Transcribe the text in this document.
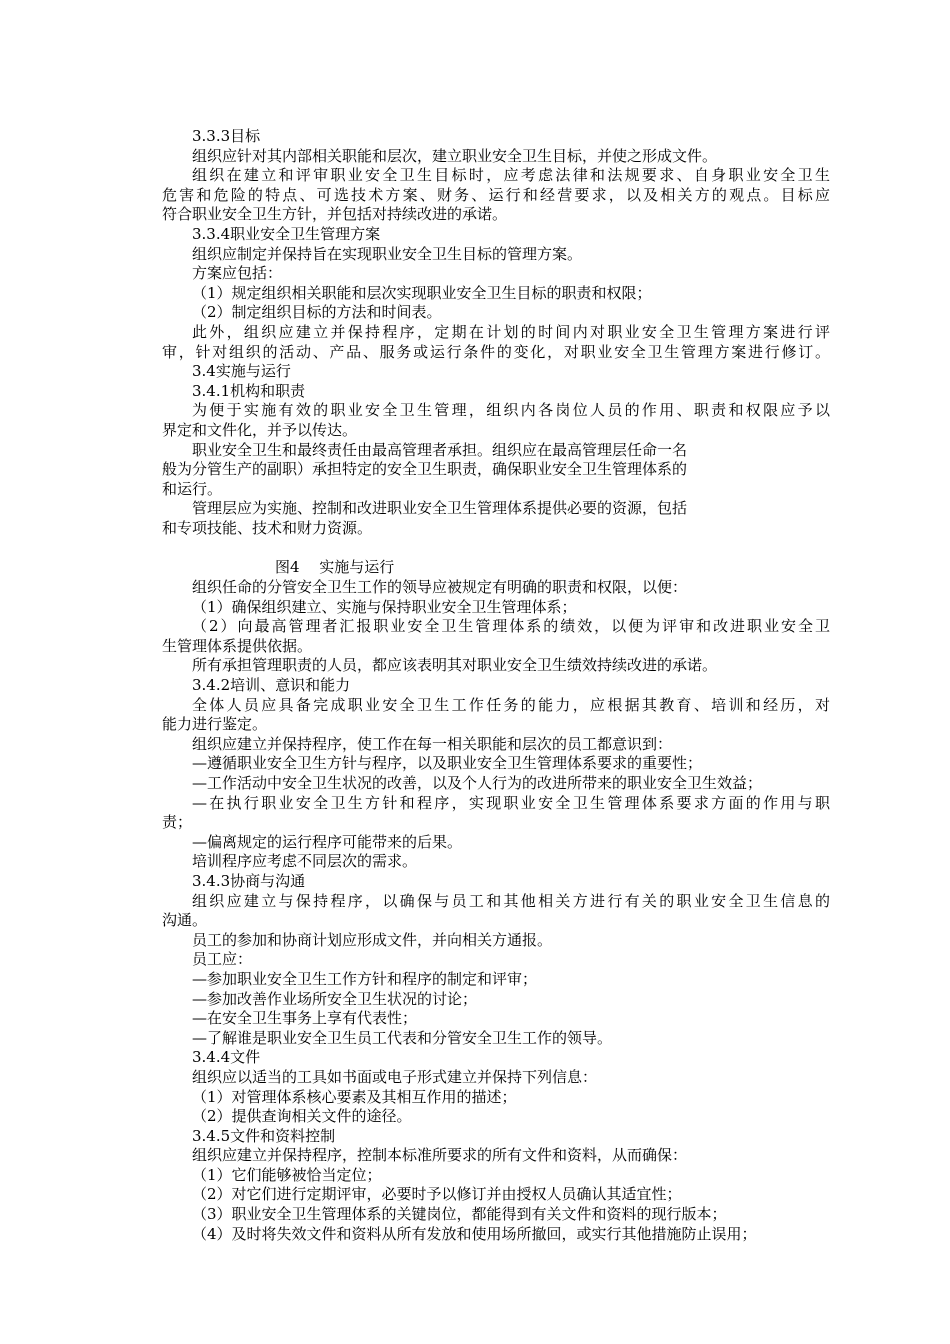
3.3.3目标
组织应针对其内部相关职能和层次，建立职业安全卫生目标，并使之形成文件。
组织在建立和评审职业安全卫生目标时，应考虑法律和法规要求、自身职业安全卫生
危害和危险的特点、可选技术方案、财务、运行和经营要求，以及相关方的观点。目标应
符合职业安全卫生方针，并包括对持续改进的承诺。
3.3.4职业安全卫生管理方案
组织应制定并保持旨在实现职业安全卫生目标的管理方案。
方案应包括：
（1）规定组织相关职能和层次实现职业安全卫生目标的职责和权限；
（2）制定组织目标的方法和时间表。
此外，组织应建立并保持程序，定期在计划的时间内对职业安全卫生管理方案进行评
审，针对组织的活动、产品、服务或运行条件的变化，对职业安全卫生管理方案进行修订。
3.4实施与运行
3.4.1机构和职责
为便于实施有效的职业安全卫生管理，组织内各岗位人员的作用、职责和权限应予以
界定和文件化，并予以传达。
职业安全卫生和最终责任由最高管理者承担。组织应在最高管理层任命一名
般为分管生产的副职）承担特定的安全卫生职责，确保职业安全卫生管理体系的
和运行。
管理层应为实施、控制和改进职业安全卫生管理体系提供必要的资源，包括
和专项技能、技术和财力资源。
图4　 实施与运行
组织任命的分管安全卫生工作的领导应被规定有明确的职责和权限，以便：
（1）确保组织建立、实施与保持职业安全卫生管理体系；
（2）向最高管理者汇报职业安全卫生管理体系的绩效，以便为评审和改进职业安全卫
生管理体系提供依据。
所有承担管理职责的人员，都应该表明其对职业安全卫生绩效持续改进的承诺。
3.4.2培训、意识和能力
全体人员应具备完成职业安全卫生工作任务的能力，应根据其教育、培训和经历，对
能力进行鉴定。
组织应建立并保持程序，使工作在每一相关职能和层次的员工都意识到：
—遵循职业安全卫生方针与程序，以及职业安全卫生管理体系要求的重要性；
—工作活动中安全卫生状况的改善，以及个人行为的改进所带来的职业安全卫生效益；
—在执行职业安全卫生方针和程序，实现职业安全卫生管理体系要求方面的作用与职
责；
—偏离规定的运行程序可能带来的后果。
培训程序应考虑不同层次的需求。
3.4.3协商与沟通
组织应建立与保持程序，以确保与员工和其他相关方进行有关的职业安全卫生信息的
沟通。
员工的参加和协商计划应形成文件，并向相关方通报。
员工应：
—参加职业安全卫生工作方针和程序的制定和评审；
—参加改善作业场所安全卫生状况的讨论；
—在安全卫生事务上享有代表性；
—了解谁是职业安全卫生员工代表和分管安全卫生工作的领导。
3.4.4文件
组织应以适当的工具如书面或电子形式建立并保持下列信息：
（1）对管理体系核心要素及其相互作用的描述；
（2）提供查询相关文件的途径。
3.4.5文件和资料控制
组织应建立并保持程序，控制本标准所要求的所有文件和资料，从而确保：
（1）它们能够被恰当定位；
（2）对它们进行定期评审，必要时予以修订并由授权人员确认其适宜性；
（3）职业安全卫生管理体系的关键岗位，都能得到有关文件和资料的现行版本；
（4）及时将失效文件和资料从所有发放和使用场所撤回，或实行其他措施防止误用；
